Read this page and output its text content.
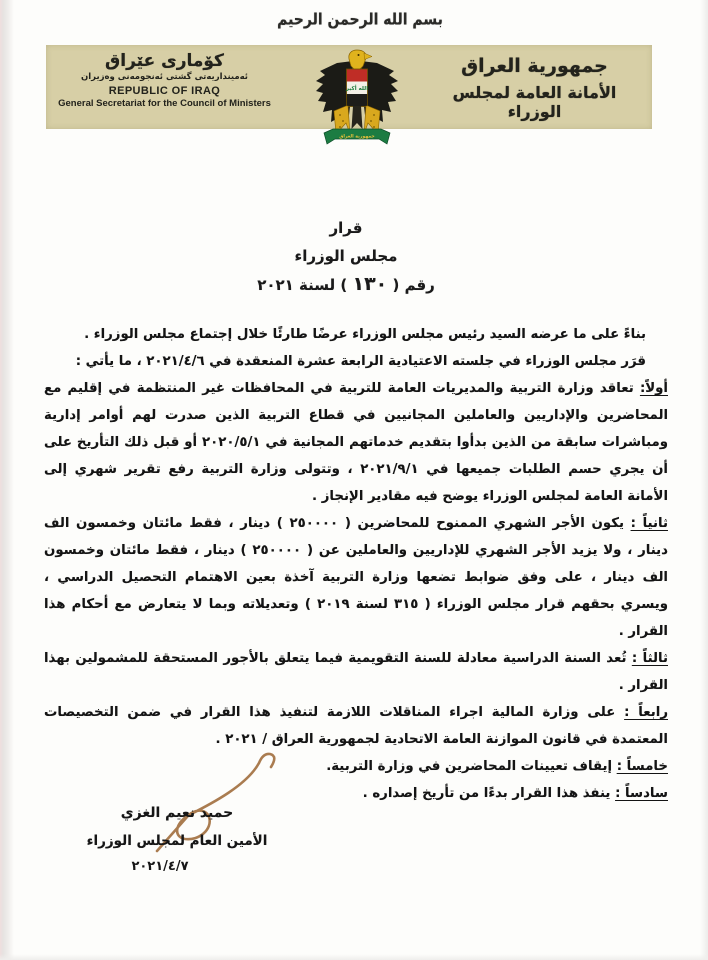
بسم الله الرحمن الرحيم
كۆمارى عێراق
ئەمينداريەتى گشتى ئەنجومەنى وەزيران
REPUBLIC OF IRAQ
General Secretariat for the Council of Ministers
جمهورية العراق
الأمانة العامة لمجلس الوزراء
الله أكبر
جمهورية العراق
قرار
مجلس الوزراء
رقم ( ١٣٠ ) لسنة ٢٠٢١

بناءً على ما عرضه السيد رئيس مجلس الوزراء عرضًا طارئًا خلال إجتماع مجلس الوزراء .

قرَر مجلس الوزراء في جلسته الاعتيادية الرابعة عشرة المنعقدة في ٢٠٢١/٤/٦ ، ما يأتي :

أولاً: تعاقد وزارة التربية والمديريات العامة للتربية في المحافظات غير المنتظمة في إقليم مع المحاضرين والإداريين والعاملين المجانيين في قطاع التربية الذين صدرت لهم أوامر إدارية ومباشرات سابقة من الذين بدأوا بتقديم خدماتهم المجانية في ٢٠٢٠/٥/١ أو قبل ذلك التأريخ على أن يجري حسم الطلبات جميعها في ٢٠٢١/٩/١ ، وتتولى وزارة التربية رفع تقرير شهري إلى الأمانة العامة لمجلس الوزراء يوضح فيه مقادير الإنجاز .

ثانياً : يكون الأجر الشهري الممنوح للمحاضرين ( ٢٥٠٠٠٠ ) دينار ، فقط مائتان وخمسون الف دينار ، ولا يزيد الأجر الشهري للإداريين والعاملين عن ( ٢٥٠٠٠٠ ) دينار ، فقط مائتان وخمسون الف دينار ، على وفق ضوابط تضعها وزارة التربية آخذة بعين الاهتمام التحصيل الدراسي ، ويسري بحقهم قرار مجلس الوزراء ( ٣١٥ لسنة ٢٠١٩ ) وتعديلاته وبما لا يتعارض مع أحكام هذا القرار .

ثالثاً : تُعد السنة الدراسية معادلة للسنة التقويمية فيما يتعلق بالأجور المستحقة للمشمولين بهذا القرار .

رابعاً : على وزارة المالية اجراء المناقلات اللازمة لتنفيذ هذا القرار في ضمن التخصيصات المعتمدة في قانون الموازنة العامة الاتحادية لجمهورية العراق / ٢٠٢١ .

خامساً : إيقاف تعيينات المحاضرين في وزارة التربية.

سادساً : ينفذ هذا القرار بدءًا من تأريخ إصداره .

حميد نعيم الغزي
الأمين العام لمجلس الوزراء
٢٠٢١/٤/٧
